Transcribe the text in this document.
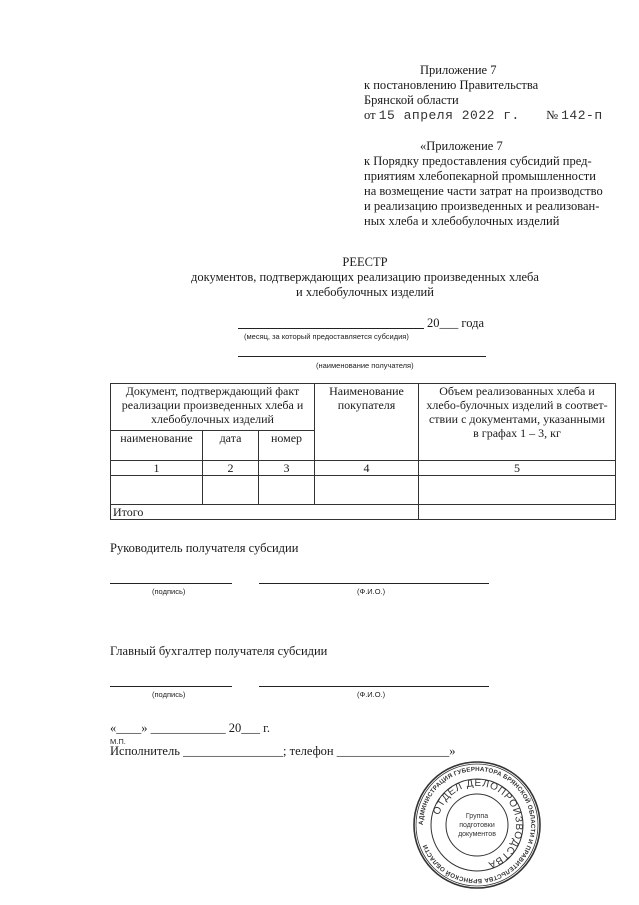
Приложение 7
к постановлению Правительства
Брянской области
от 15 апреля 2022 г. № 142-п
«Приложение 7
к Порядку предоставления субсидий пред-
приятиям хлебопекарной промышленности
на возмещение части затрат на производство
и реализацию произведенных и реализован-
ных хлеба и хлебобулочных изделий
РЕЕСТР
документов, подтверждающих реализацию произведенных хлеба
и хлебобулочных изделий
20___ года
(месяц, за который предоставляется субсидия)
(наименование получателя)
Документ, подтверждающий факт реализации произведенных хлеба и хлебобулочных изделий			Наименование покупателя	Объем реализованных хлеба и хлебо-булочных изделий в соответ-ствии с документами, указанными в графах 1 – 3, кг
наименование	дата	номер		
1	2	3	4	5

Итого				
Руководитель получателя субсидии
(подпись)	(Ф.И.О.)
Главный бухгалтер получателя субсидии
(подпись)	(Ф.И.О.)
«____» ____________ 20___ г.
М.П.
Исполнитель ________________; телефон __________________»
АДМИНИСТРАЦИЯ ГУБЕРНАТОРА БРЯНСКОЙ ОБЛАСТИ И ПРАВИТЕЛЬСТВА БРЯНСКОЙ ОБЛАСТИ
ОТДЕЛ ДЕЛОПРОИЗВОДСТВА
Группа
подготовки
документов
